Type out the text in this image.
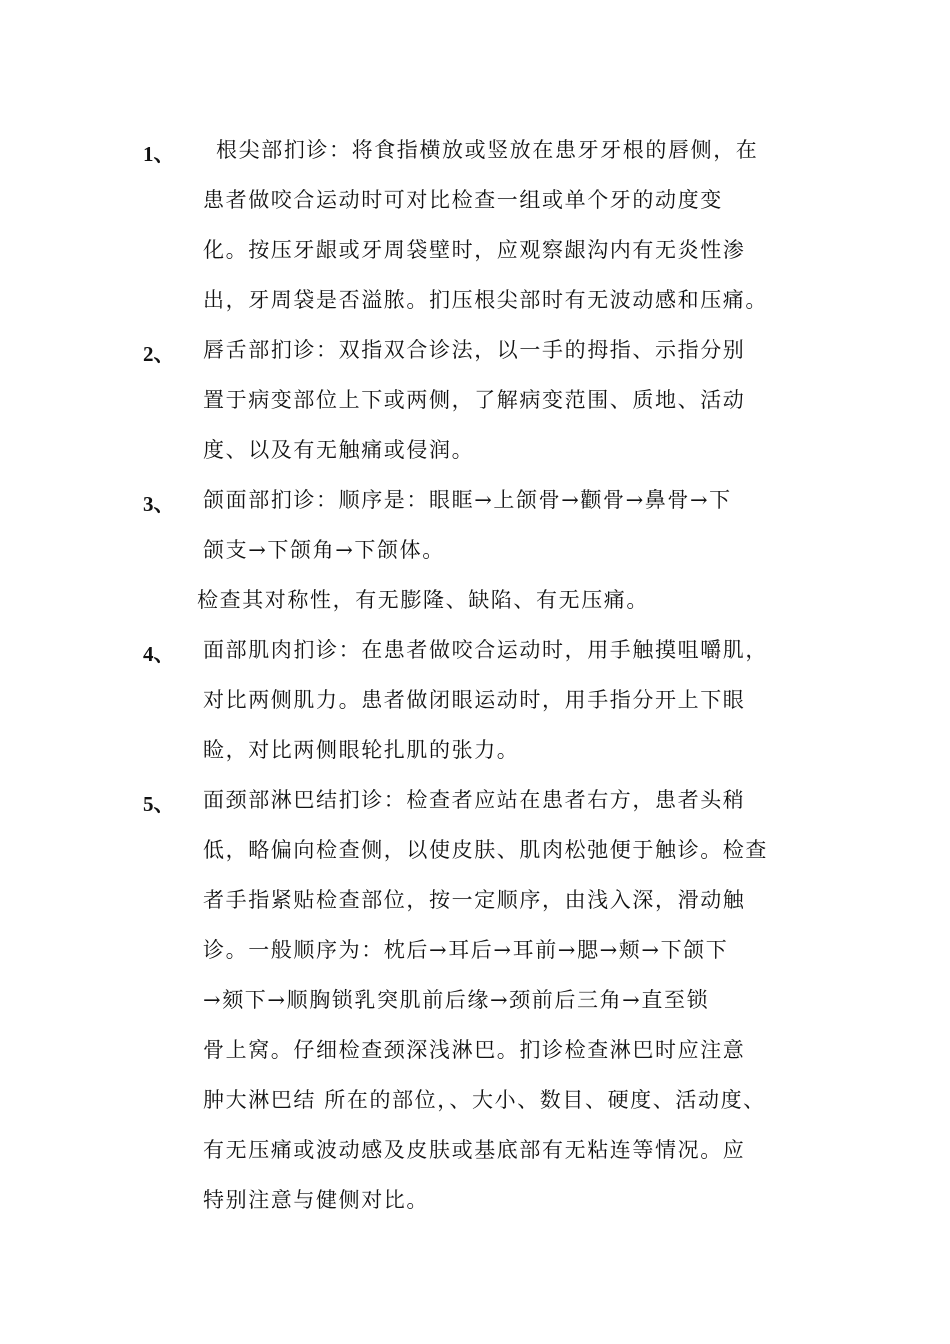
1、 根尖部扪诊：将食指横放或竖放在患牙牙根的唇侧，在
患者做咬合运动时可对比检查一组或单个牙的动度变
化。按压牙龈或牙周袋壁时，应观察龈沟内有无炎性渗
出，牙周袋是否溢脓。扪压根尖部时有无波动感和压痛。
2、 唇舌部扪诊：双指双合诊法，以一手的拇指、示指分别
置于病变部位上下或两侧，了解病变范围、质地、活动
度、以及有无触痛或侵润。
3、 颌面部扪诊：顺序是：眼眶→上颌骨→颧骨→鼻骨→下
颌支→下颌角→下颌体。
检查其对称性，有无膨隆、缺陷、有无压痛。
4、 面部肌肉扪诊：在患者做咬合运动时，用手触摸咀嚼肌，
对比两侧肌力。患者做闭眼运动时，用手指分开上下眼
睑，对比两侧眼轮扎肌的张力。
5、 面颈部淋巴结扪诊：检查者应站在患者右方，患者头稍
低，略偏向检查侧，以使皮肤、肌肉松弛便于触诊。检查
者手指紧贴检查部位，按一定顺序，由浅入深，滑动触
诊。一般顺序为：枕后→耳后→耳前→腮→颊→下颌下
→颏下→顺胸锁乳突肌前后缘→颈前后三角→直至锁
骨上窝。仔细检查颈深浅淋巴。扪诊检查淋巴时应注意
肿大淋巴结 所在的部位，、大小、数目、硬度、活动度、
有无压痛或波动感及皮肤或基底部有无粘连等情况。应
特别注意与健侧对比。
